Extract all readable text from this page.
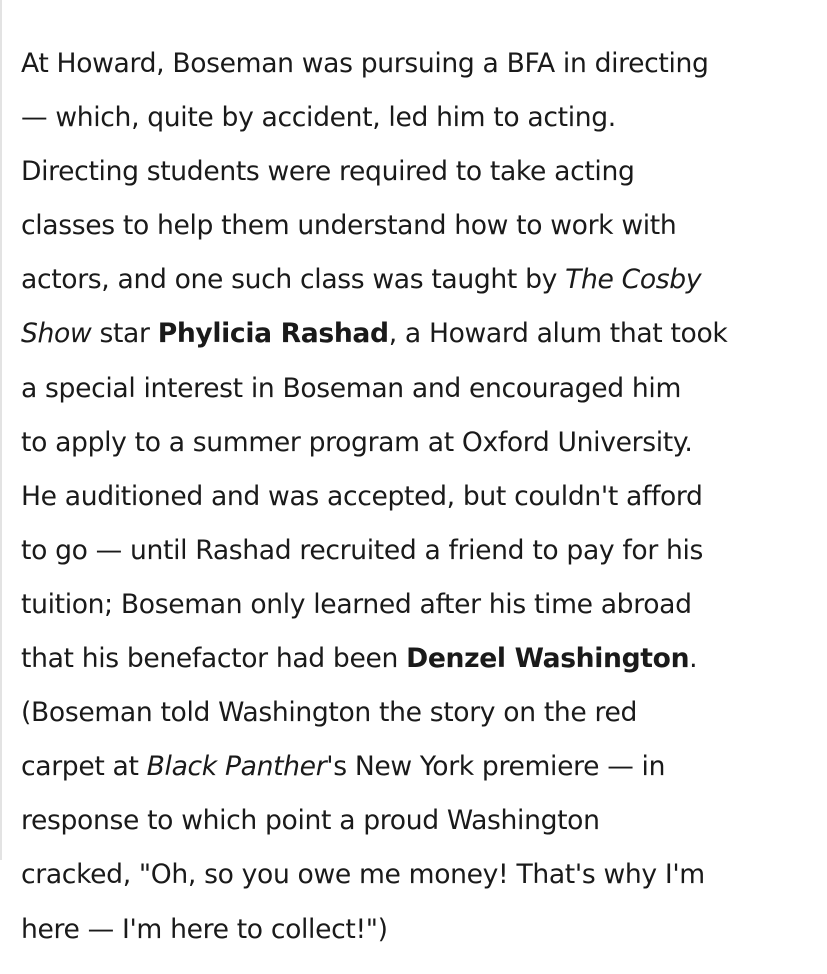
At Howard, Boseman was pursuing a BFA in directing
— which, quite by accident, led him to acting.
Directing students were required to take acting
classes to help them understand how to work with
actors, and one such class was taught by The Cosby
Show star Phylicia Rashad, a Howard alum that took
a special interest in Boseman and encouraged him
to apply to a summer program at Oxford University.
He auditioned and was accepted, but couldn't afford
to go — until Rashad recruited a friend to pay for his
tuition; Boseman only learned after his time abroad
that his benefactor had been Denzel Washington.
(Boseman told Washington the story on the red
carpet at Black Panther's New York premiere — in
response to which point a proud Washington
cracked, "Oh, so you owe me money! That's why I'm
here — I'm here to collect!")
